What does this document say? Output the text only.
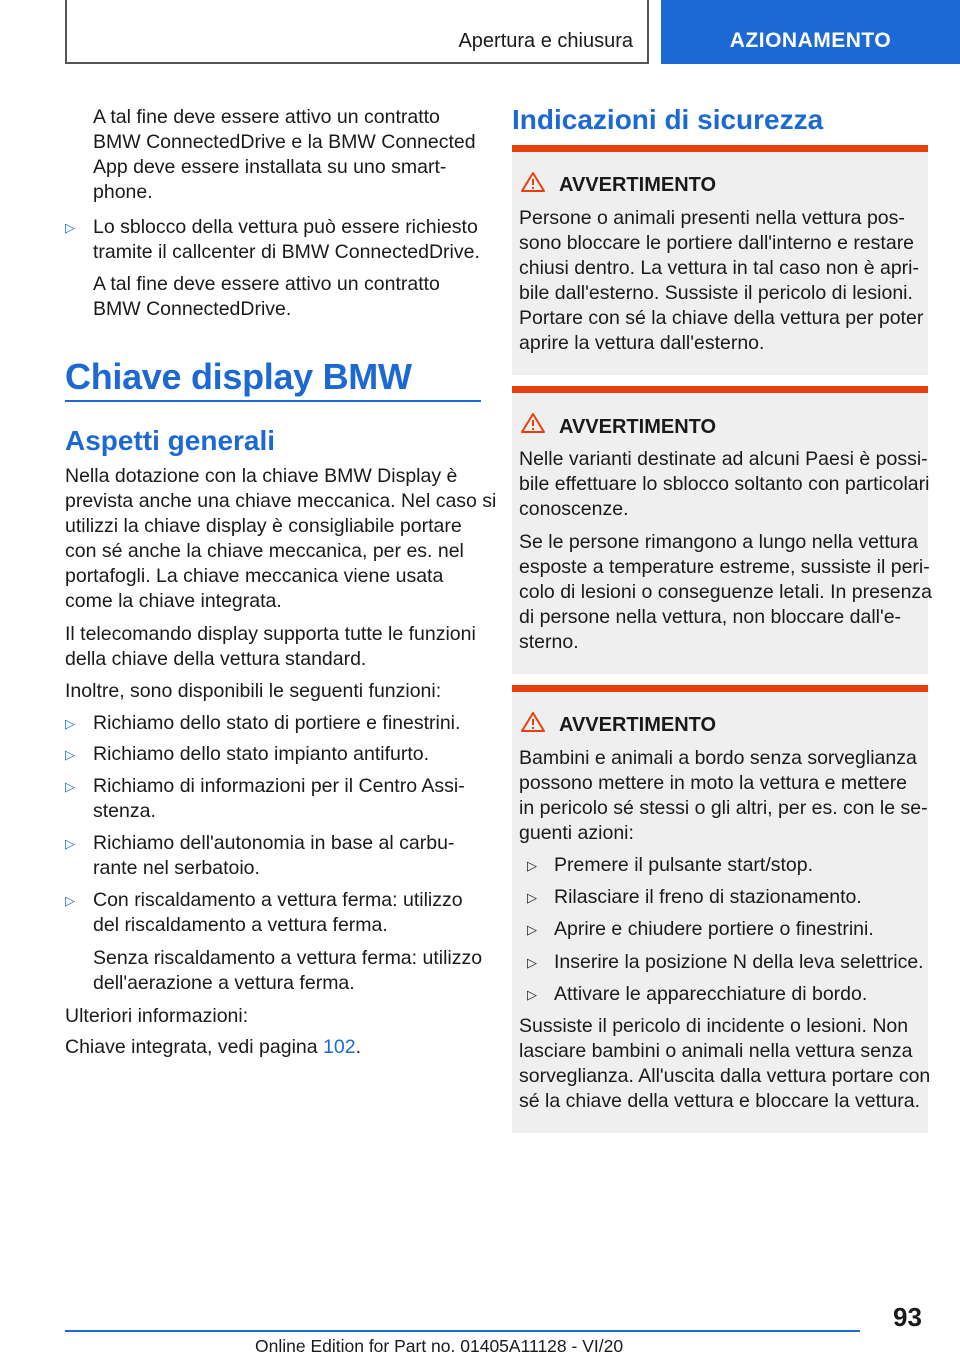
Apertura e chiusura	AZIONAMENTO
A tal fine deve essere attivo un contratto
BMW ConnectedDrive e la BMW Connected
App deve essere installata su uno smart-
phone.
▷ Lo sblocco della vettura può essere richiesto
tramite il callcenter di BMW ConnectedDrive.
A tal fine deve essere attivo un contratto
BMW ConnectedDrive.
Chiave display BMW
Aspetti generali
Nella dotazione con la chiave BMW Display è
prevista anche una chiave meccanica. Nel caso si
utilizzi la chiave display è consigliabile portare
con sé anche la chiave meccanica, per es. nel
portafogli. La chiave meccanica viene usata
come la chiave integrata.
Il telecomando display supporta tutte le funzioni
della chiave della vettura standard.
Inoltre, sono disponibili le seguenti funzioni:
▷ Richiamo dello stato di portiere e finestrini.
▷ Richiamo dello stato impianto antifurto.
▷ Richiamo di informazioni per il Centro Assi-
stenza.
▷ Richiamo dell'autonomia in base al carbu-
rante nel serbatoio.
▷ Con riscaldamento a vettura ferma: utilizzo
del riscaldamento a vettura ferma.
Senza riscaldamento a vettura ferma: utilizzo
dell'aerazione a vettura ferma.
Ulteriori informazioni:
Chiave integrata, vedi pagina 102.
Indicazioni di sicurezza
AVVERTIMENTO
Persone o animali presenti nella vettura pos-
sono bloccare le portiere dall'interno e restare
chiusi dentro. La vettura in tal caso non è apri-
bile dall'esterno. Sussiste il pericolo di lesioni.
Portare con sé la chiave della vettura per poter
aprire la vettura dall'esterno.
AVVERTIMENTO
Nelle varianti destinate ad alcuni Paesi è possi-
bile effettuare lo sblocco soltanto con particolari
conoscenze.
Se le persone rimangono a lungo nella vettura
esposte a temperature estreme, sussiste il peri-
colo di lesioni o conseguenze letali. In presenza
di persone nella vettura, non bloccare dall'e-
sterno.
AVVERTIMENTO
Bambini e animali a bordo senza sorveglianza
possono mettere in moto la vettura e mettere
in pericolo sé stessi o gli altri, per es. con le se-
guenti azioni:
▷ Premere il pulsante start/stop.
▷ Rilasciare il freno di stazionamento.
▷ Aprire e chiudere portiere o finestrini.
▷ Inserire la posizione N della leva selettrice.
▷ Attivare le apparecchiature di bordo.
Sussiste il pericolo di incidente o lesioni. Non
lasciare bambini o animali nella vettura senza
sorveglianza. All'uscita dalla vettura portare con
sé la chiave della vettura e bloccare la vettura.
93
Online Edition for Part no. 01405A11128 - VI/20
